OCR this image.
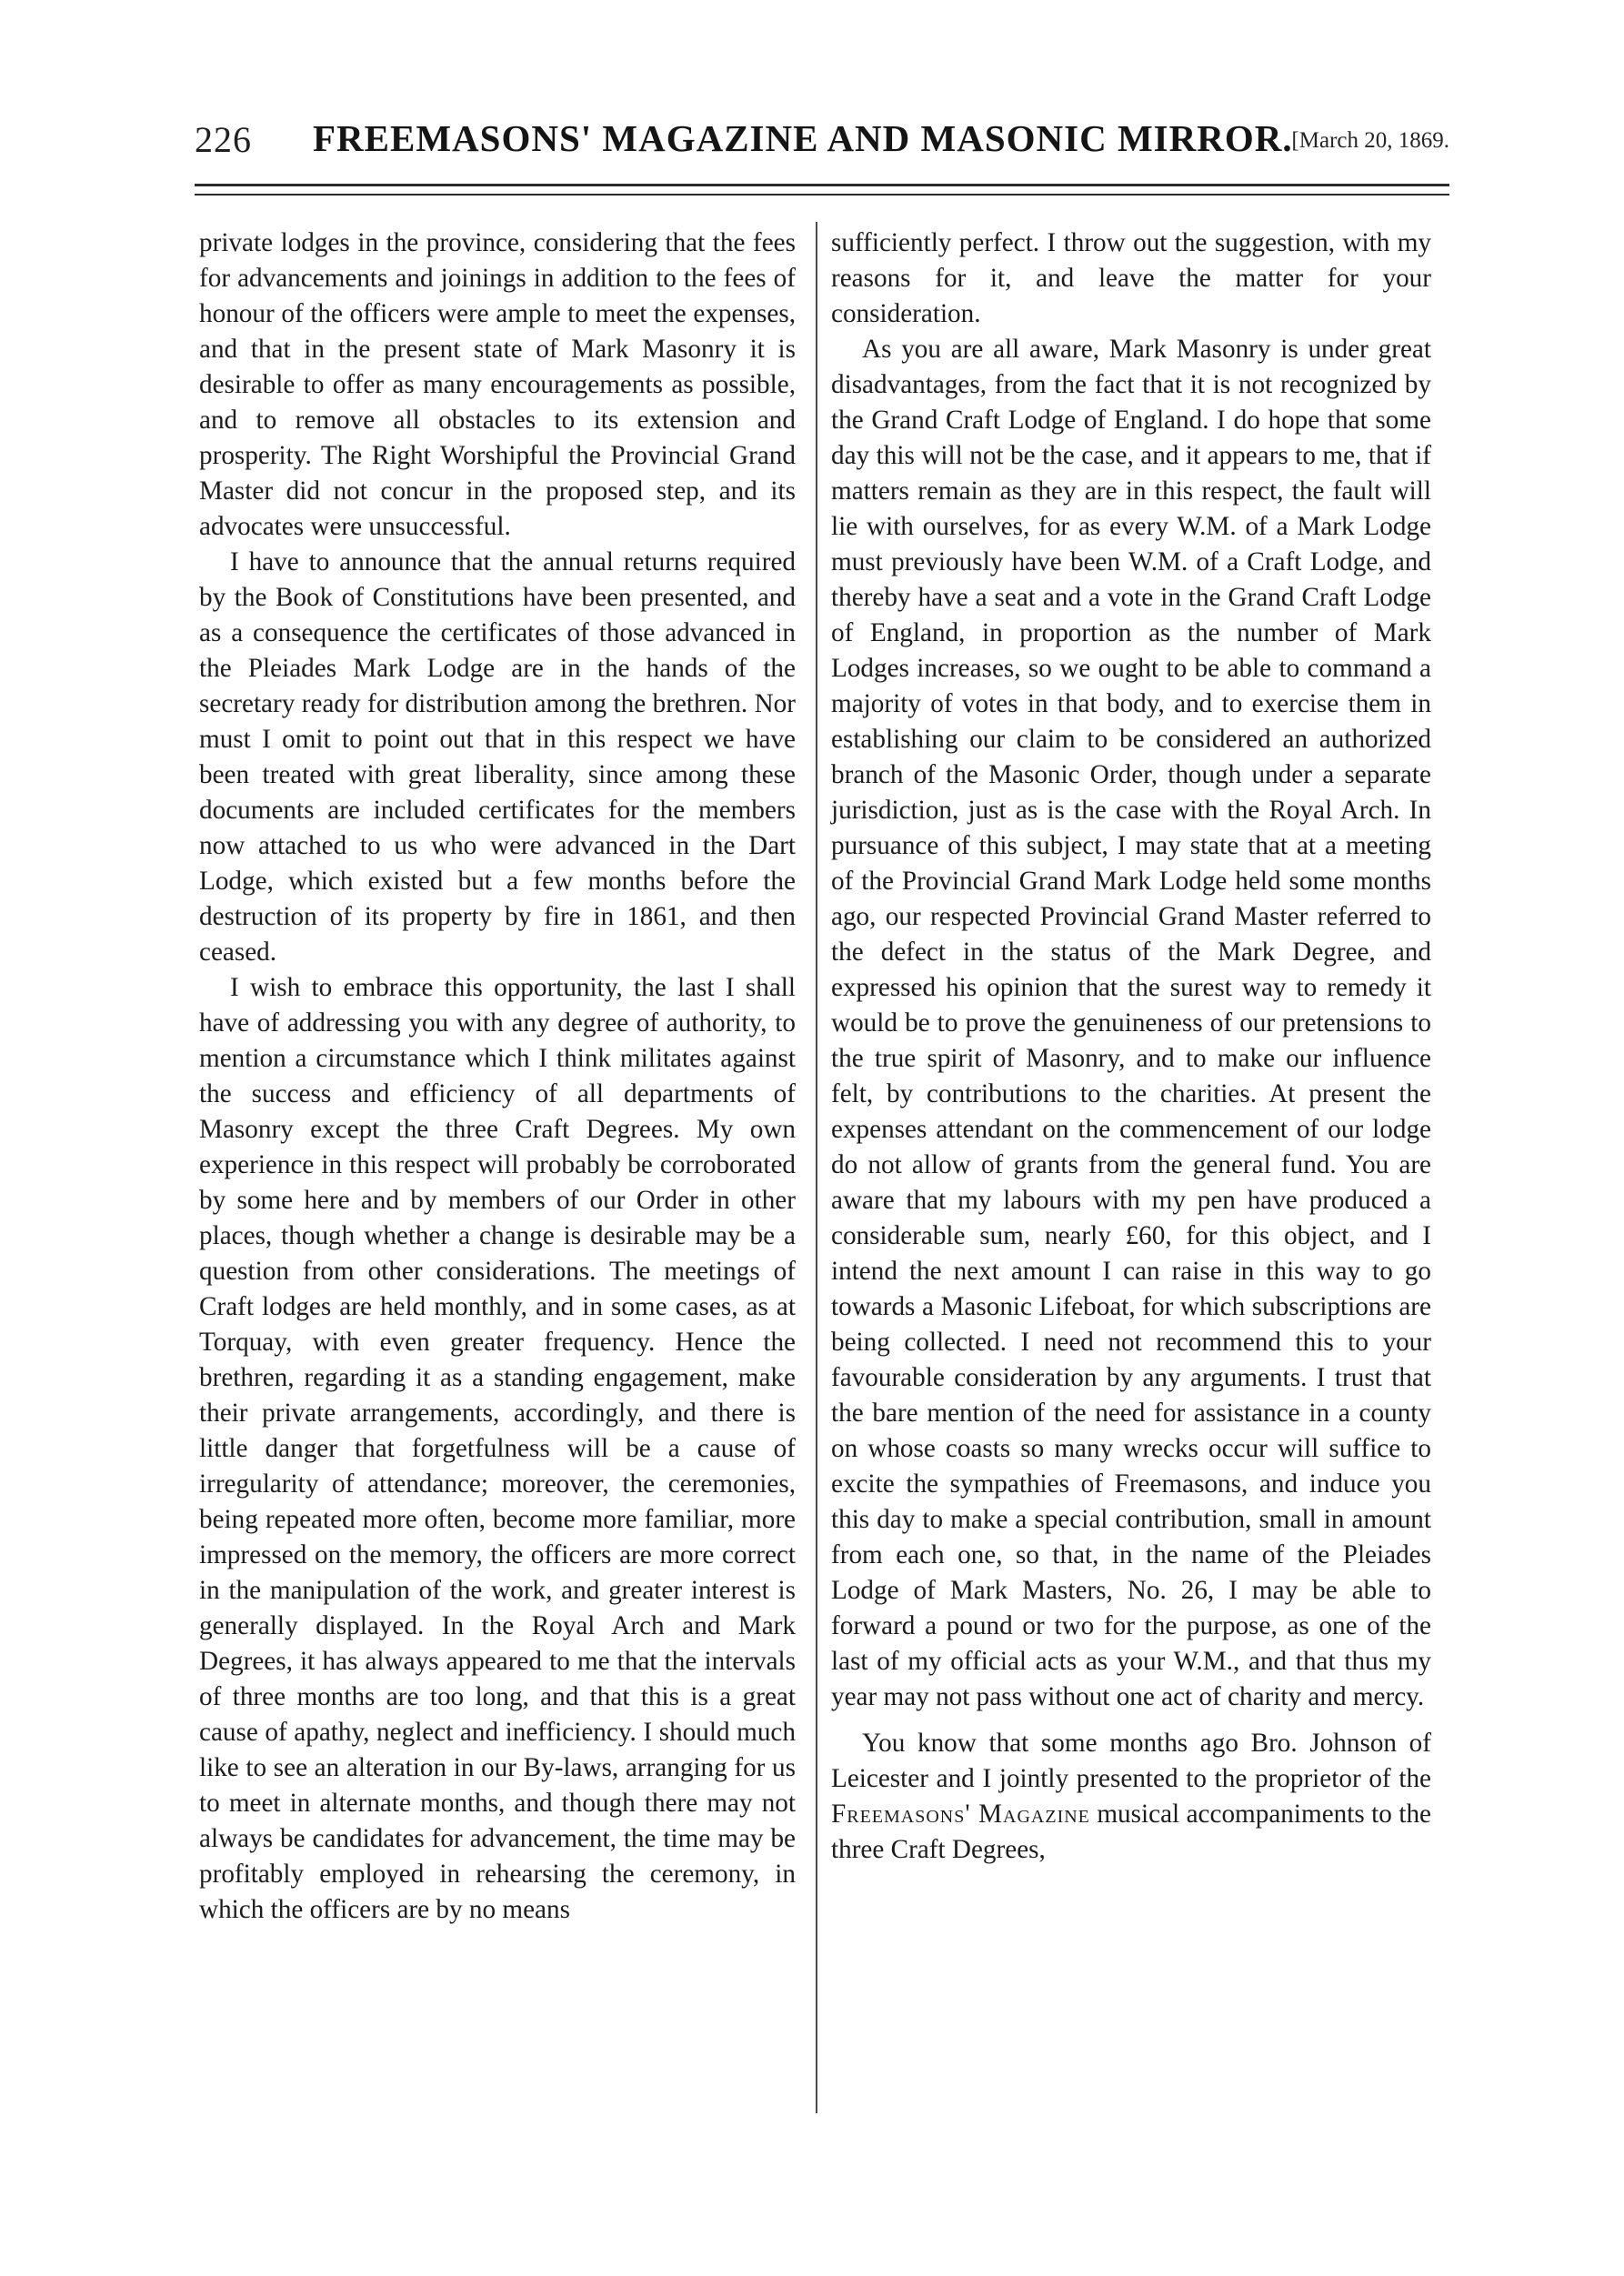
226 FREEMASONS' MAGAZINE AND MASONIC MIRROR.
[March 20, 1869.

private lodges in the province, considering that the fees for advancements and joinings in addition to the fees of honour of the officers were ample to meet the expenses, and that in the present state of Mark Masonry it is desirable to offer as many encouragements as possible, and to remove all obstacles to its extension and prosperity. The Right Worshipful the Provincial Grand Master did not concur in the proposed step, and its advocates were unsuccessful.

I have to announce that the annual returns required by the Book of Constitutions have been presented, and as a consequence the certificates of those advanced in the Pleiades Mark Lodge are in the hands of the secretary ready for distribution among the brethren. Nor must I omit to point out that in this respect we have been treated with great liberality, since among these documents are included certificates for the members now attached to us who were advanced in the Dart Lodge, which existed but a few months before the destruction of its property by fire in 1861, and then ceased.

I wish to embrace this opportunity, the last I shall have of addressing you with any degree of authority, to mention a circumstance which I think militates against the success and efficiency of all departments of Masonry except the three Craft Degrees. My own experience in this respect will probably be corroborated by some here and by members of our Order in other places, though whether a change is desirable may be a question from other considerations. The meetings of Craft lodges are held monthly, and in some cases, as at Torquay, with even greater frequency. Hence the brethren, regarding it as a standing engagement, make their private arrangements, accordingly, and there is little danger that forgetfulness will be a cause of irregularity of attendance; moreover, the ceremonies, being repeated more often, become more familiar, more impressed on the memory, the officers are more correct in the manipulation of the work, and greater interest is generally displayed. In the Royal Arch and Mark Degrees, it has always appeared to me that the intervals of three months are too long, and that this is a great cause of apathy, neglect and inefficiency. I should much like to see an alteration in our By-laws, arranging for us to meet in alternate months, and though there may not always be candidates for advancement, the time may be profitably employed in rehearsing the ceremony, in which the officers are by no means

sufficiently perfect. I throw out the suggestion, with my reasons for it, and leave the matter for your consideration.

As you are all aware, Mark Masonry is under great disadvantages, from the fact that it is not recognized by the Grand Craft Lodge of England. I do hope that some day this will not be the case, and it appears to me, that if matters remain as they are in this respect, the fault will lie with ourselves, for as every W.M. of a Mark Lodge must previously have been W.M. of a Craft Lodge, and thereby have a seat and a vote in the Grand Craft Lodge of England, in proportion as the number of Mark Lodges increases, so we ought to be able to command a majority of votes in that body, and to exercise them in establishing our claim to be considered an authorized branch of the Masonic Order, though under a separate jurisdiction, just as is the case with the Royal Arch. In pursuance of this subject, I may state that at a meeting of the Provincial Grand Mark Lodge held some months ago, our respected Provincial Grand Master referred to the defect in the status of the Mark Degree, and expressed his opinion that the surest way to remedy it would be to prove the genuineness of our pretensions to the true spirit of Masonry, and to make our influence felt, by contributions to the charities. At present the expenses attendant on the commencement of our lodge do not allow of grants from the general fund. You are aware that my labours with my pen have produced a considerable sum, nearly £60, for this object, and I intend the next amount I can raise in this way to go towards a Masonic Lifeboat, for which subscriptions are being collected. I need not recommend this to your favourable consideration by any arguments. I trust that the bare mention of the need for assistance in a county on whose coasts so many wrecks occur will suffice to excite the sympathies of Freemasons, and induce you this day to make a special contribution, small in amount from each one, so that, in the name of the Pleiades Lodge of Mark Masters, No. 26, I may be able to forward a pound or two for the purpose, as one of the last of my official acts as your W.M., and that thus my year may not pass without one act of charity and mercy.

You know that some months ago Bro. Johnson of Leicester and I jointly presented to the proprietor of the Freemasons' Magazine musical accompaniments to the three Craft Degrees,
